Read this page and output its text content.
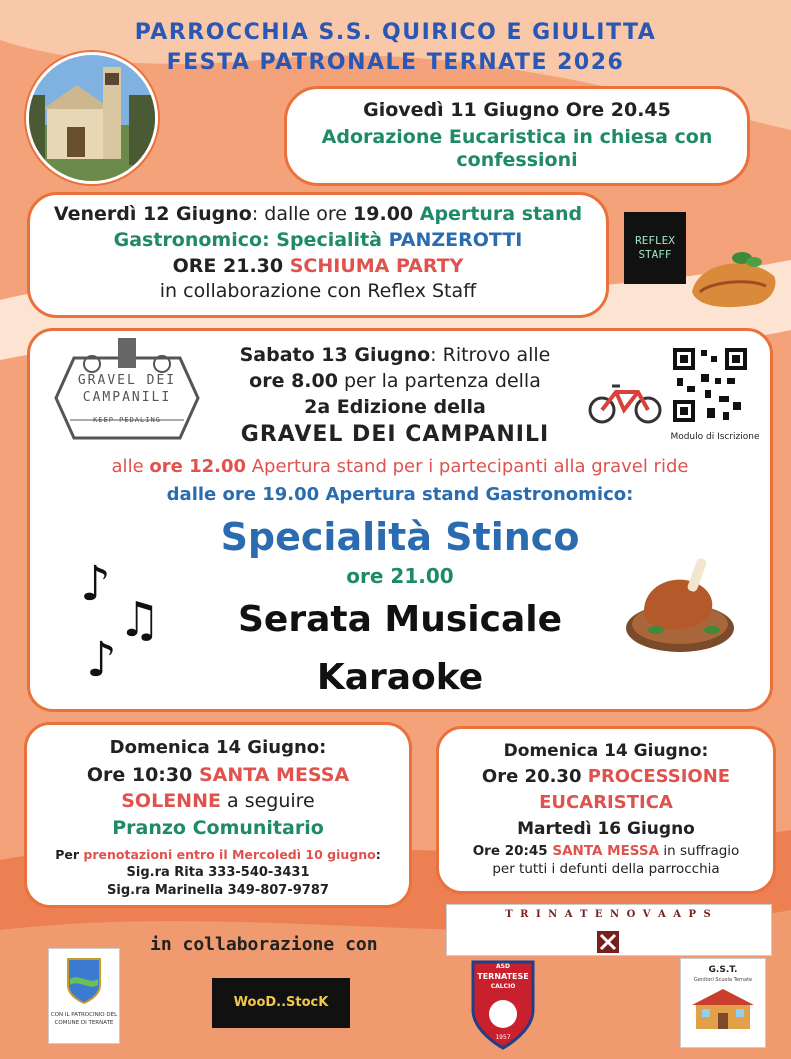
PARROCCHIA S.S. QUIRICO E GIULITTA
FESTA PATRONALE TERNATE 2026
Giovedì 11 Giugno Ore 20.45
Adorazione Eucaristica in chiesa con
confessioni
Venerdì 12 Giugno: dalle ore 19.00 Apertura stand
Gastronomico: Specialità PANZEROTTI
ORE 21.30 SCHIUMA PARTY
in collaborazione con Reflex Staff
REFLEX
STAFF
GRAVEL DEI
CAMPANILI
KEEP PEDALING
Sabato 13 Giugno: Ritrovo alle
ore 8.00 per la partenza della
2a Edizione della
GRAVEL DEI CAMPANILI	Modulo di Iscrizione
alle ore 12.00 Apertura stand per i partecipanti alla gravel ride
dalle ore 19.00 Apertura stand Gastronomico:
Specialità Stinco
ore 21.00
Serata Musicale
Karaoke
♪
♫
♪
Domenica 14 Giugno:
Ore 10:30 SANTA MESSA
SOLENNE a seguire
Pranzo Comunitario
Per prenotazioni entro il Mercoledì 10 giugno:
Sig.ra Rita 333-540-3431
Sig.ra Marinella 349-807-9787
Domenica 14 Giugno:
Ore 20.30 PROCESSIONE
EUCARISTICA
Martedì 16 Giugno
Ore 20:45 SANTA MESSA in suffragio
per tutti i defunti della parrocchia
T R I N A T E N O V A A P S
in collaborazione con
CON IL PATROCINIO DEL
COMUNE DI TERNATE
WooD..StocK
ASD
TERNATESE
CALCIO
1957
G.S.T.
Genitori Scuola Ternate
